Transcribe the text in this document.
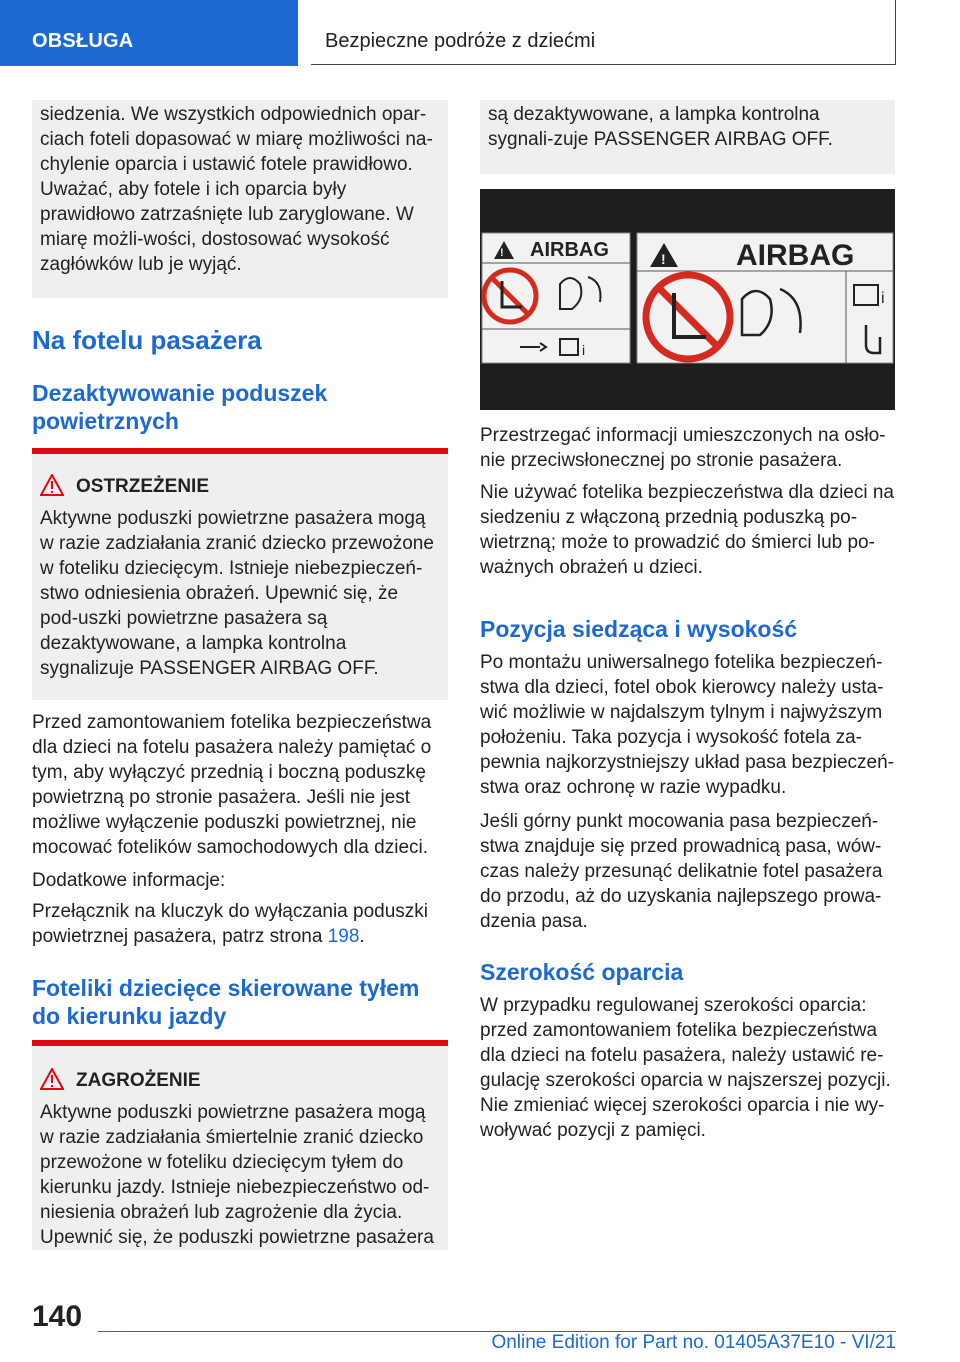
OBSŁUGA	Bezpieczne podróże z dziećmi

siedzenia. We wszystkich odpowiednich opar‐ciach foteli dopasować w miarę możliwości na‐chylenie oparcia i ustawić fotele prawidłowo. Uważać, aby fotele i ich oparcia były prawidłowo zatrzaśnięte lub zaryglowane. W miarę możli‐wości, dostosować wysokość zagłówków lub je wyjąć.

Na fotelu pasażera
Dezaktywowanie poduszek powietrznych
OSTRZEŻENIE
Aktywne poduszki powietrzne pasażera mogą w razie zadziałania zranić dziecko przewożone w foteliku dziecięcym. Istnieje niebezpieczeń‐stwo odniesienia obrażeń. Upewnić się, że pod‐uszki powietrzne pasażera są dezaktywowane, a lampka kontrolna sygnalizuje PASSENGER AIRBAG OFF.
Przed zamontowaniem fotelika bezpieczeństwa dla dzieci na fotelu pasażera należy pamiętać o tym, aby wyłączyć przednią i boczną poduszkę powietrzną po stronie pasażera. Jeśli nie jest możliwe wyłączenie poduszki powietrznej, nie mocować fotelików samochodowych dla dzieci.
Dodatkowe informacje:
Przełącznik na kluczyk do wyłączania poduszki powietrznej pasażera, patrz strona 198.
Foteliki dziecięce skierowane tyłem do kierunku jazdy
ZAGROŻENIE
Aktywne poduszki powietrzne pasażera mogą w razie zadziałania śmiertelnie zranić dziecko przewożone w foteliku dziecięcym tyłem do kierunku jazdy. Istnieje niebezpieczeństwo od‐niesienia obrażeń lub zagrożenie dla życia. Upewnić się, że poduszki powietrzne pasażera

są dezaktywowane, a lampka kontrolna sygnali‐zuje PASSENGER AIRBAG OFF.

! AIRBAG
i
! AIRBAG
i
Przestrzegać informacji umieszczonych na osło‐nie przeciwsłonecznej po stronie pasażera.
Nie używać fotelika bezpieczeństwa dla dzieci na siedzeniu z włączoną przednią poduszką po‐wietrzną; może to prowadzić do śmierci lub po‐ważnych obrażeń u dzieci.
Pozycja siedząca i wysokość
Po montażu uniwersalnego fotelika bezpieczeń‐stwa dla dzieci, fotel obok kierowcy należy usta‐wić możliwie w najdalszym tylnym i najwyższym położeniu. Taka pozycja i wysokość fotela za‐pewnia najkorzystniejszy układ pasa bezpieczeń‐stwa oraz ochronę w razie wypadku.
Jeśli górny punkt mocowania pasa bezpieczeń‐stwa znajduje się przed prowadnicą pasa, wów‐czas należy przesunąć delikatnie fotel pasażera do przodu, aż do uzyskania najlepszego prowa‐dzenia pasa.
Szerokość oparcia
W przypadku regulowanej szerokości oparcia: przed zamontowaniem fotelika bezpieczeństwa dla dzieci na fotelu pasażera, należy ustawić re‐gulację szerokości oparcia w najszerszej pozycji. Nie zmieniać więcej szerokości oparcia i nie wy‐woływać pozycji z pamięci.
140
Online Edition for Part no. 01405A37E10 - VI/21
